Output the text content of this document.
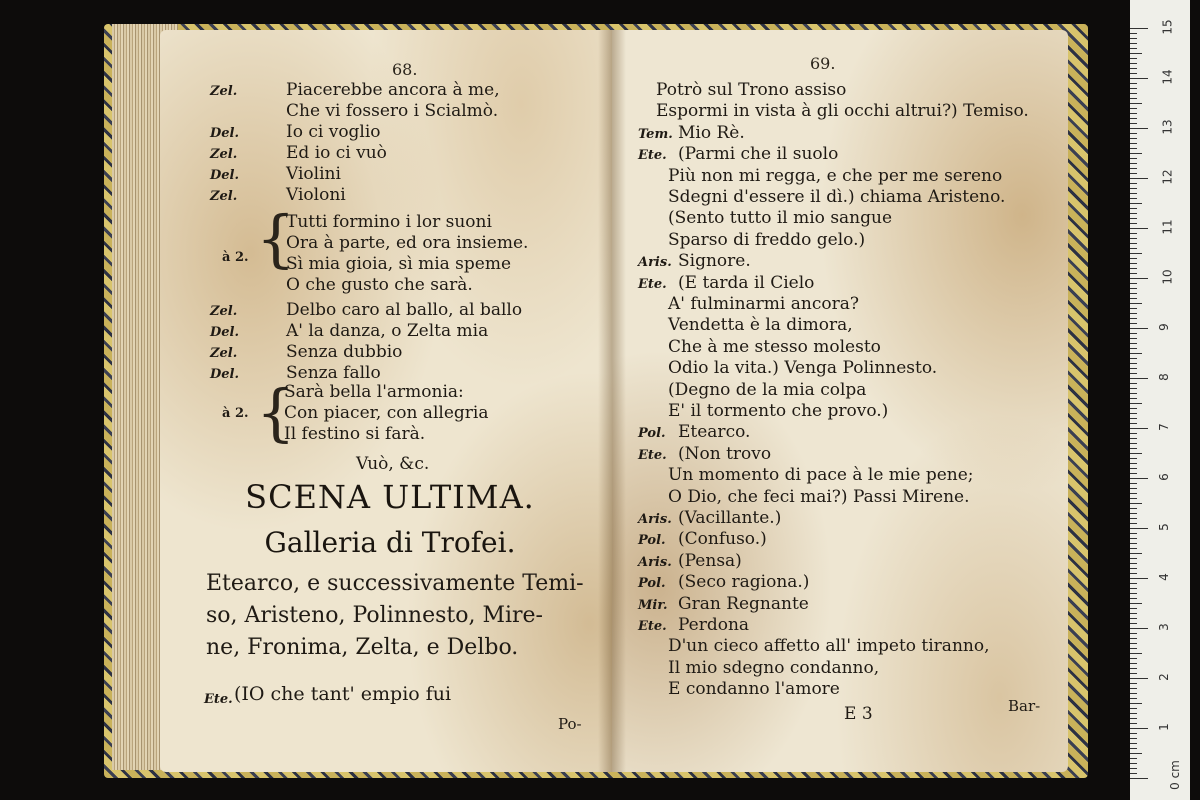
68.
Zel.	Piacerebbe ancora à me,
Che vi fossero i Scialmò.
Del.	Io ci voglio
Zel.	Ed io ci vuò
Del.	Violini
Zel.	Violoni
{
à 2.
Tutti formino i lor suoni
Ora à parte, ed ora insieme.
Sì mia gioia, sì mia speme
O che gusto che sarà.
Zel.	Delbo caro al ballo, al ballo
Del.	A' la danza, o Zelta mia
Zel.	Senza dubbio
Del.	Senza fallo
{
à 2.
Sarà bella l'armonia:
Con piacer, con allegria
Il festino si farà.
Vuò, &c.
SCENA ULTIMA.
Galleria di Trofei.
Etearco, e successivamente Temi-
so, Aristeno, Polinnesto, Mire-
ne, Fronima, Zelta, e Delbo.
Ete. (IO che tant' empio fui
Po-
69.
Potrò sul Trono assiso
Espormi in vista à gli occhi altrui?) Temiso.
Tem. Mio Rè.
Ete. (Parmi che il suolo
Più non mi regga, e che per me sereno
Sdegni d'essere il dì.) chiama Aristeno.
(Sento tutto il mio sangue
Sparso di freddo gelo.)
Aris. Signore.
Ete. (E tarda il Cielo
A' fulminarmi ancora?
Vendetta è la dimora,
Che à me stesso molesto
Odio la vita.) Venga Polinnesto.
(Degno de la mia colpa
E' il tormento che provo.)
Pol. Etearco.
Ete. (Non trovo
Un momento di pace à le mie pene;
O Dio, che feci mai?) Passi Mirene.
Aris. (Vacillante.)
Pol. (Confuso.)
Aris. (Pensa)
Pol. (Seco ragiona.)
Mir. Gran Regnante
Ete. Perdona
D'un cieco affetto all' impeto tiranno,
Il mio sdegno condanno,
E condanno l'amore
E 3	Bar-
1
2
3
4
5
6
7
8
9
10
11
12
13
14
15
0 cm
